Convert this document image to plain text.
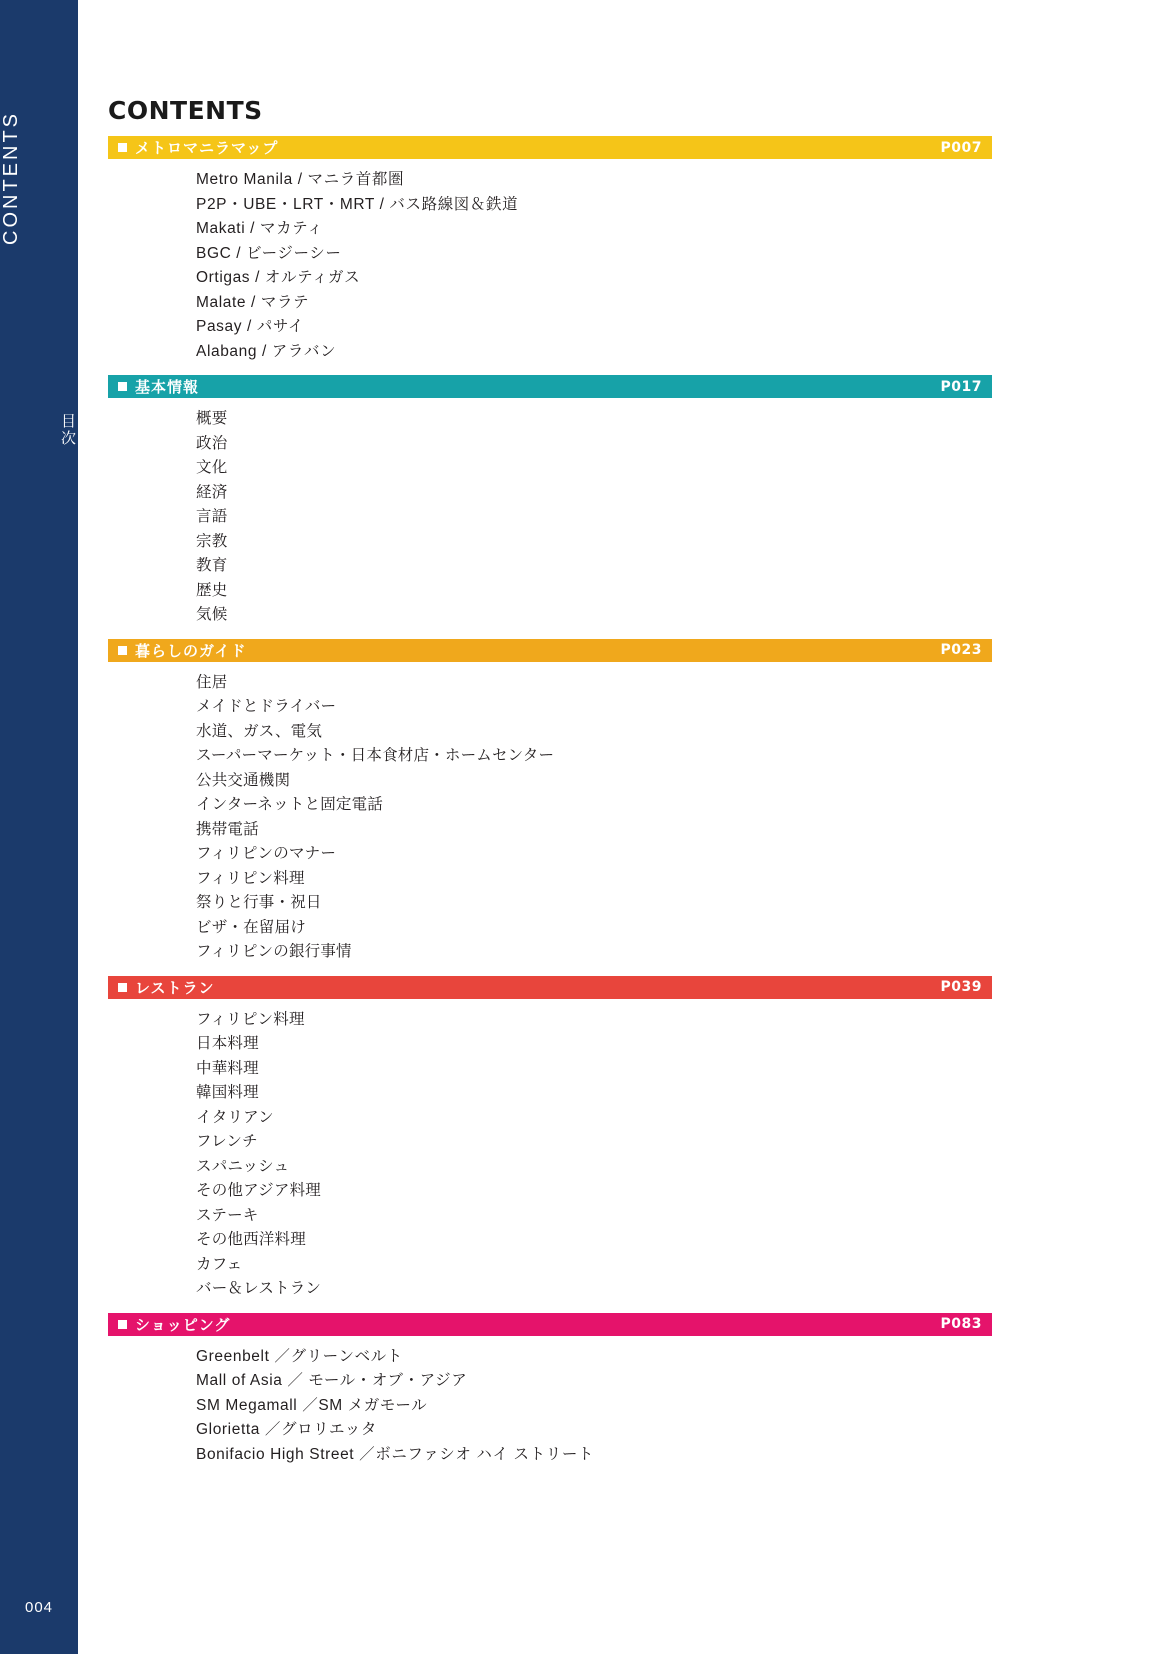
CONTENTS
目次
004
CONTENTS
メトロマニラマップ	P007
Metro Manila / マニラ首都圏
P2P・UBE・LRT・MRT / バス路線図＆鉄道
Makati / マカティ
BGC / ビージーシー
Ortigas / オルティガス
Malate / マラテ
Pasay / パサイ
Alabang / アラバン
基本情報	P017
概要
政治
文化
経済
言語
宗教
教育
歴史
気候
暮らしのガイド	P023
住居
メイドとドライバー
水道、ガス、電気
スーパーマーケット・日本食材店・ホームセンター
公共交通機関
インターネットと固定電話
携帯電話
フィリピンのマナー
フィリピン料理
祭りと行事・祝日
ビザ・在留届け
フィリピンの銀行事情
レストラン	P039
フィリピン料理
日本料理
中華料理
韓国料理
イタリアン
フレンチ
スパニッシュ
その他アジア料理
ステーキ
その他西洋料理
カフェ
バー＆レストラン
ショッピング	P083
Greenbelt ／グリーンベルト
Mall of Asia ／ モール・オブ・アジア
SM Megamall ／SM メガモール
Glorietta ／グロリエッタ
Bonifacio High Street ／ボニファシオ ハイ ストリート
